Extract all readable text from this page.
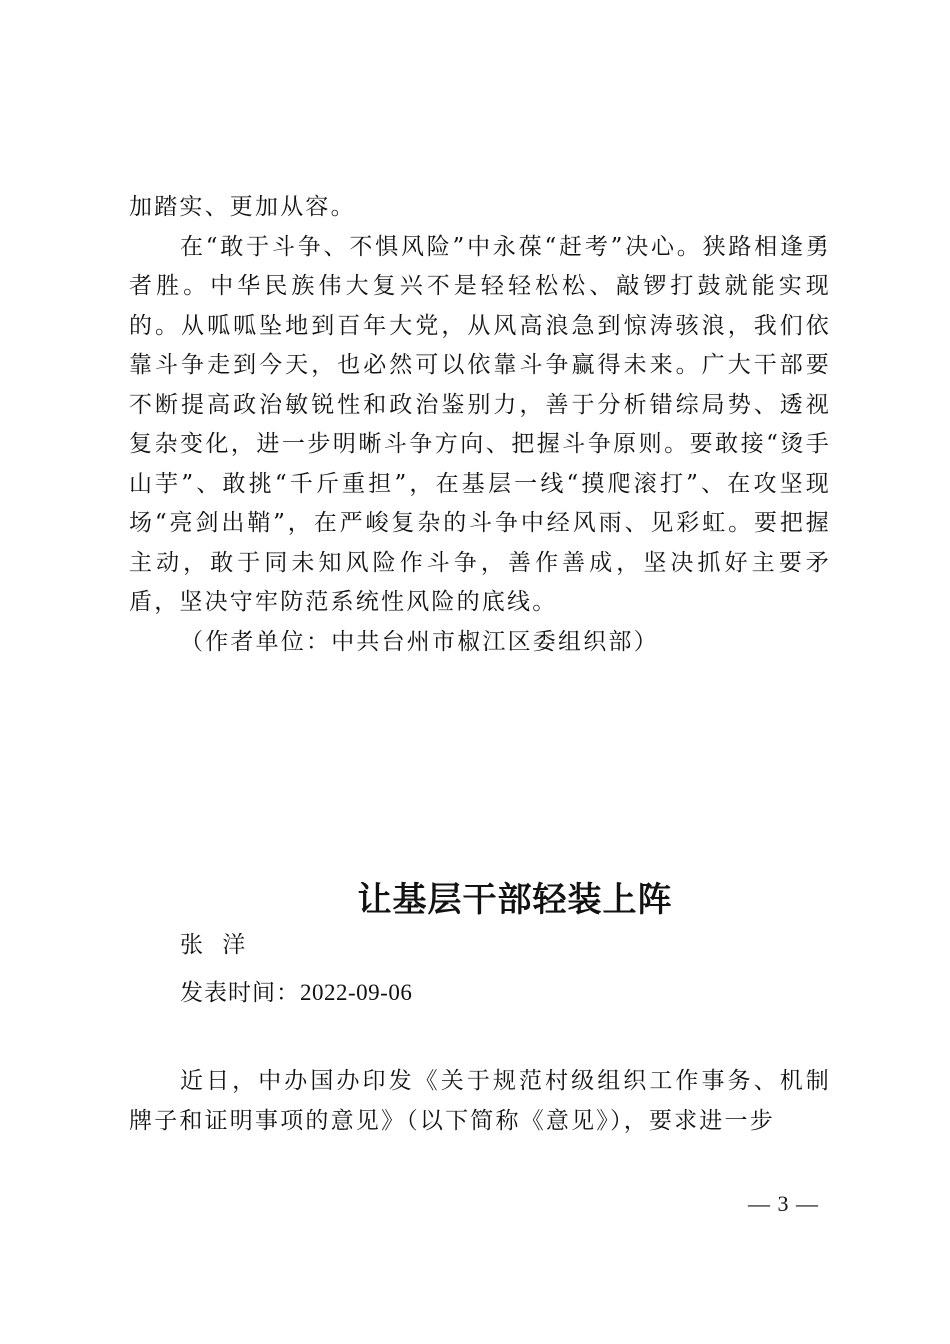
加踏实、更加从容。

在“敢于斗争、不惧风险”中永葆“赶考”决心。狭路相逢勇者胜。中华民族伟大复兴不是轻轻松松、敲锣打鼓就能实现的。从呱呱坠地到百年大党，从风高浪急到惊涛骇浪，我们依靠斗争走到今天，也必然可以依靠斗争赢得未来。广大干部要不断提高政治敏锐性和政治鉴别力，善于分析错综局势、透视复杂变化，进一步明晰斗争方向、把握斗争原则。要敢接“烫手山芋”、敢挑“千斤重担”，在基层一线“摸爬滚打”、在攻坚现场“亮剑出鞘”，在严峻复杂的斗争中经风雨、见彩虹。要把握主动，敢于同未知风险作斗争，善作善成，坚决抓好主要矛盾，坚决守牢防范系统性风险的底线。

（作者单位：中共台州市椒江区委组织部）

让基层干部轻装上阵
张 洋
发表时间：2022-09-06

近日，中办国办印发《关于规范村级组织工作事务、机制牌子和证明事项的意见》（以下简称《意见》），要求进一步

— 3 —
